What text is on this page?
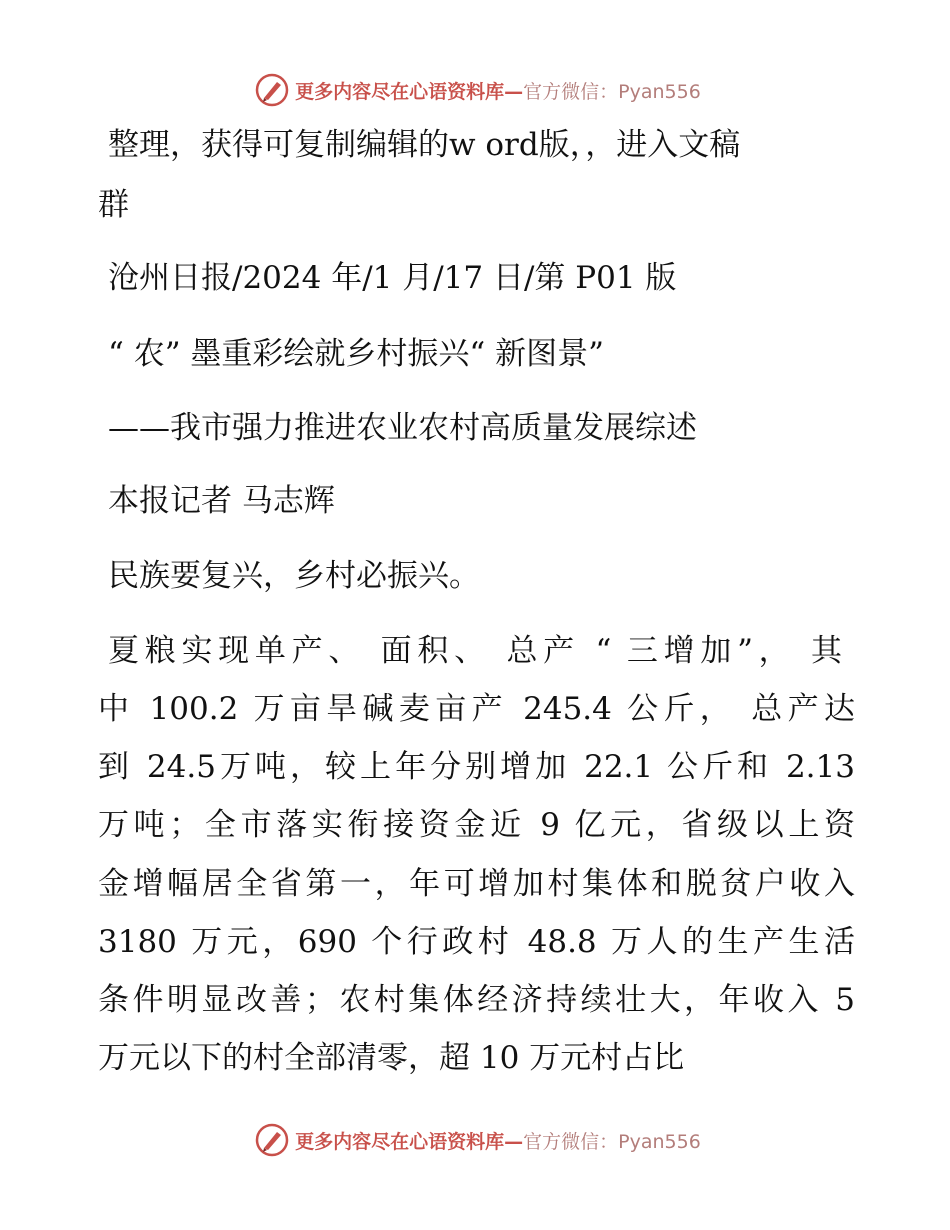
更多内容尽在心语资料库—官方微信：Pyan556
整理，获得可复制编辑的w ord版，，进入文稿
群
沧州日报/2024 年/1 月/17 日/第 P01 版
“ 农” 墨重彩绘就乡村振兴“ 新图景”
——我市强力推进农业农村高质量发展综述
本报记者 马志辉
民族要复兴，乡村必振兴。
夏粮实现单产、 面积、 总产 “ 三增加”， 其
中 100.2 万亩旱碱麦亩产 245.4 公斤， 总产达
到 24.5万吨，较上年分别增加 22.1 公斤和 2.13
万吨；全市落实衔接资金近 9 亿元，省级以上资
金增幅居全省第一，年可增加村集体和脱贫户收入
3180 万元，690 个行政村 48.8 万人的生产生活
条件明显改善；农村集体经济持续壮大，年收入 5
万元以下的村全部清零，超 10 万元村占比
更多内容尽在心语资料库—官方微信：Pyan556
